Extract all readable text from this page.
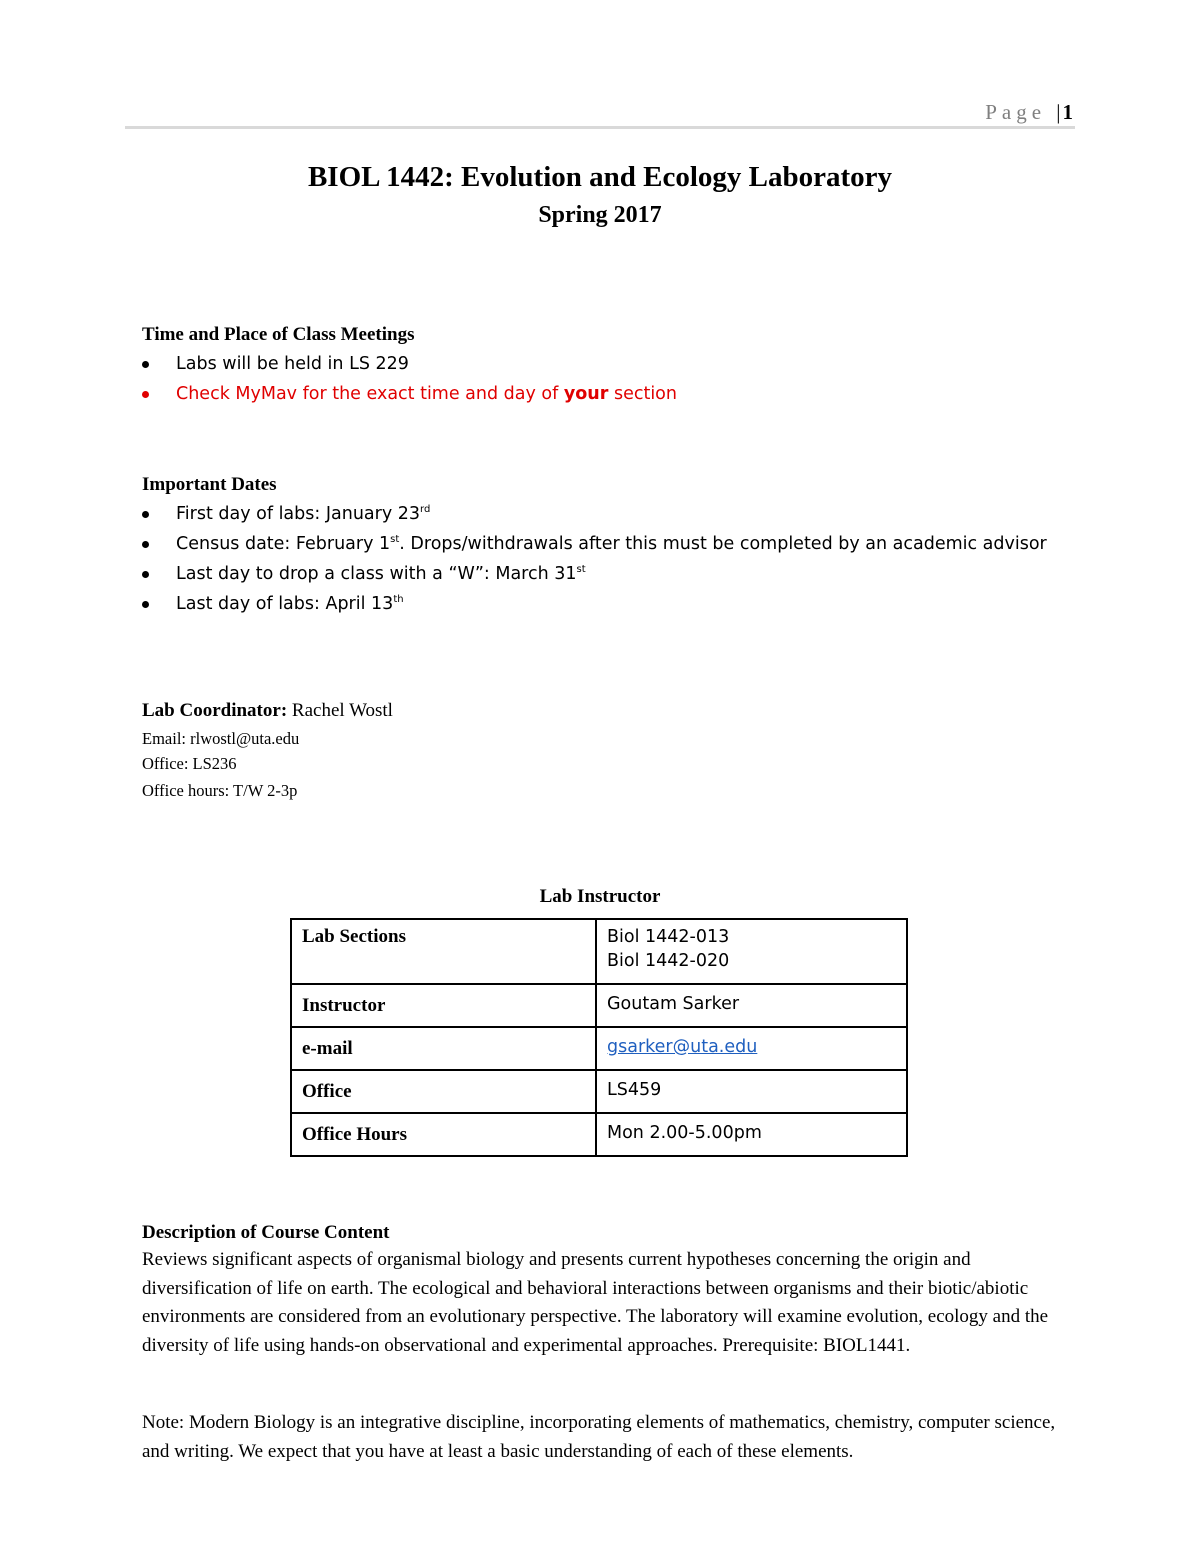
Page |1
BIOL 1442: Evolution and Ecology Laboratory
Spring 2017
Time and Place of Class Meetings
Labs will be held in LS 229
Check MyMav for the exact time and day of your section
Important Dates
First day of labs: January 23rd
Census date: February 1st. Drops/withdrawals after this must be completed by an academic advisor
Last day to drop a class with a “W”: March 31st
Last day of labs: April 13th
Lab Coordinator: Rachel Wostl
Email: rlwostl@uta.edu
Office: LS236
Office hours: T/W 2-3p
Lab Instructor
Lab Sections	Biol 1442-013
Biol 1442-020

Instructor	Goutam Sarker
e-mail	gsarker@uta.edu
Office	LS459
Office Hours	Mon 2.00-5.00pm
Description of Course Content
Reviews significant aspects of organismal biology and presents current hypotheses concerning the origin and diversification of life on earth. The ecological and behavioral interactions between organisms and their biotic/abiotic environments are considered from an evolutionary perspective. The laboratory will examine evolution, ecology and the diversity of life using hands-on observational and experimental approaches. Prerequisite: BIOL1441.
Note: Modern Biology is an integrative discipline, incorporating elements of mathematics, chemistry, computer science, and writing. We expect that you have at least a basic understanding of each of these elements.
